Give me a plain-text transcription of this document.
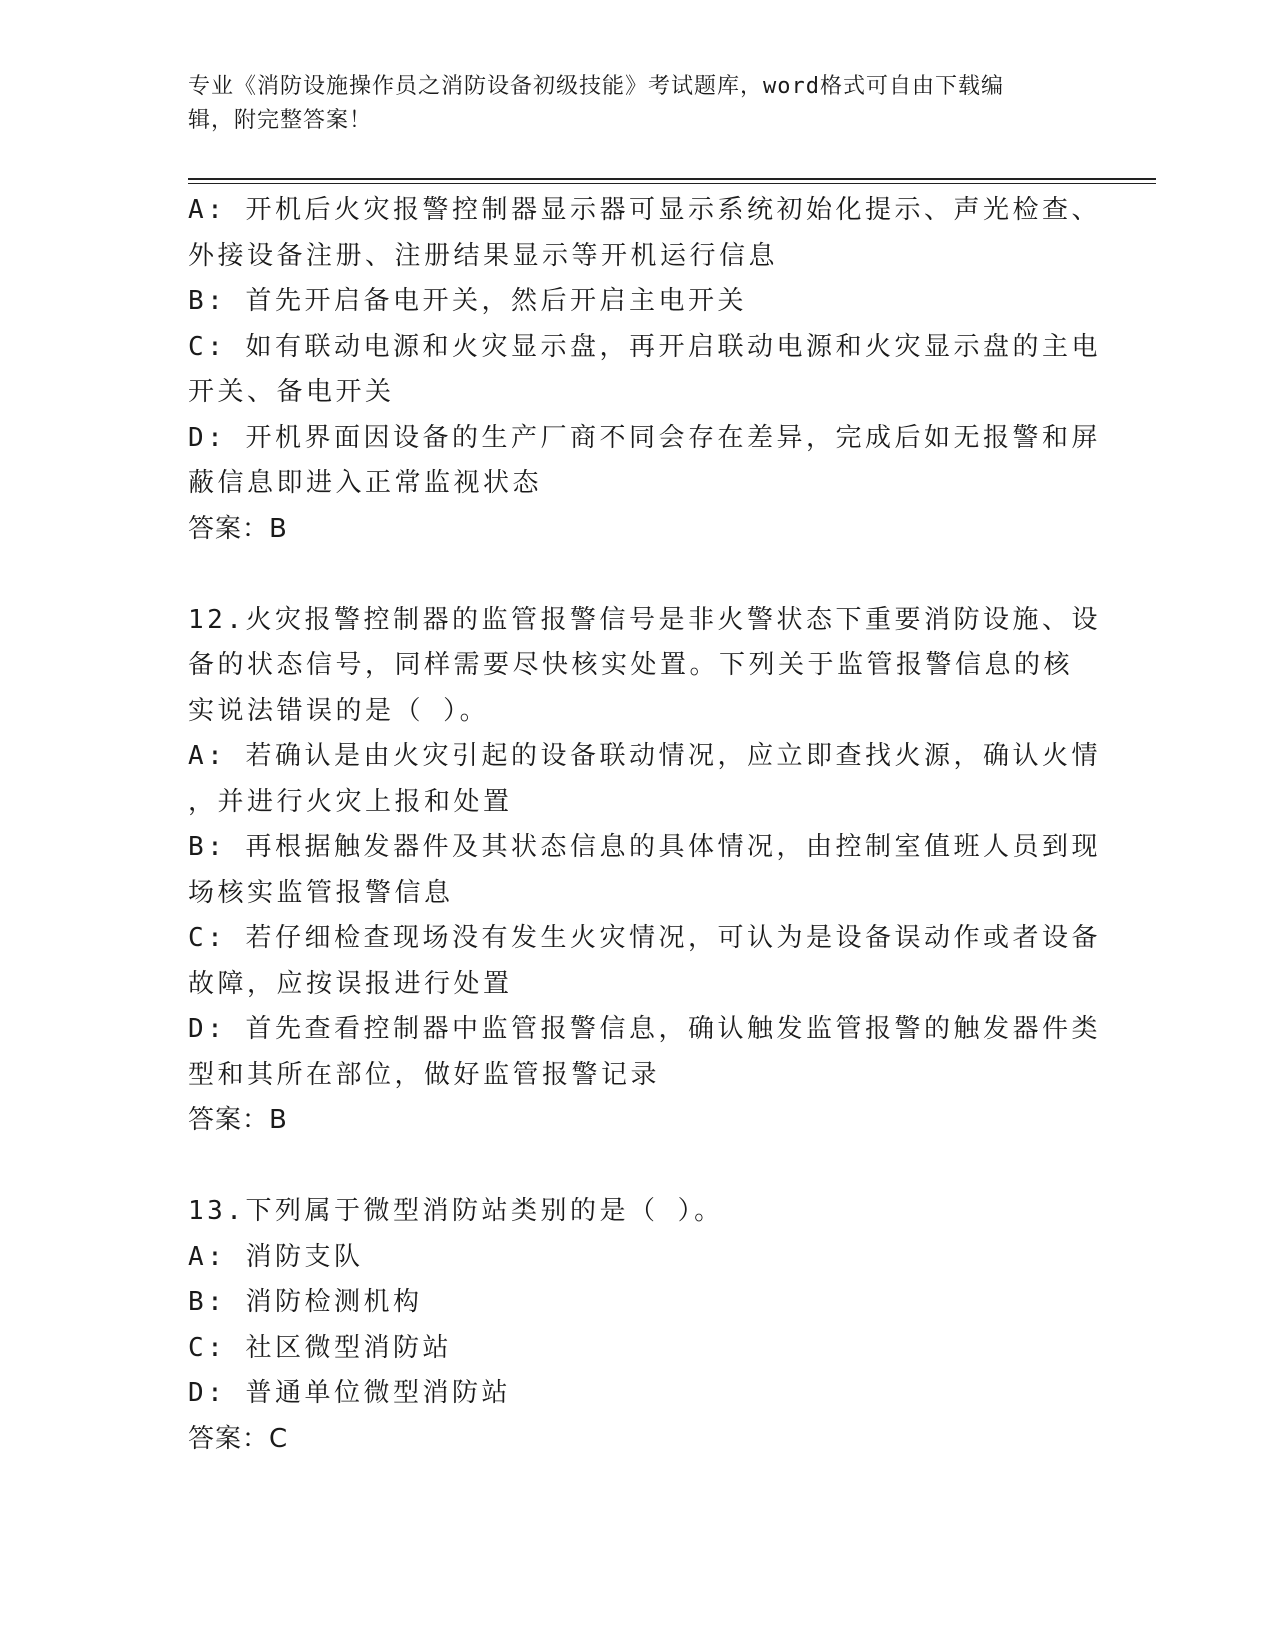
专业《消防设施操作员之消防设备初级技能》考试题库，word格式可自由下载编
辑，附完整答案！
A: 开机后火灾报警控制器显示器可显示系统初始化提示、声光检查、
外接设备注册、注册结果显示等开机运行信息
B: 首先开启备电开关，然后开启主电开关
C: 如有联动电源和火灾显示盘，再开启联动电源和火灾显示盘的主电
开关、备电开关
D: 开机界面因设备的生产厂商不同会存在差异，完成后如无报警和屏
蔽信息即进入正常监视状态
答案：B
12.火灾报警控制器的监管报警信号是非火警状态下重要消防设施、设
备的状态信号，同样需要尽快核实处置。下列关于监管报警信息的核
实说法错误的是（ ）。
A: 若确认是由火灾引起的设备联动情况，应立即查找火源，确认火情
，并进行火灾上报和处置
B: 再根据触发器件及其状态信息的具体情况，由控制室值班人员到现
场核实监管报警信息
C: 若仔细检查现场没有发生火灾情况，可认为是设备误动作或者设备
故障，应按误报进行处置
D: 首先查看控制器中监管报警信息，确认触发监管报警的触发器件类
型和其所在部位，做好监管报警记录
答案：B
13.下列属于微型消防站类别的是（ ）。
A: 消防支队
B: 消防检测机构
C: 社区微型消防站
D: 普通单位微型消防站
答案：C
